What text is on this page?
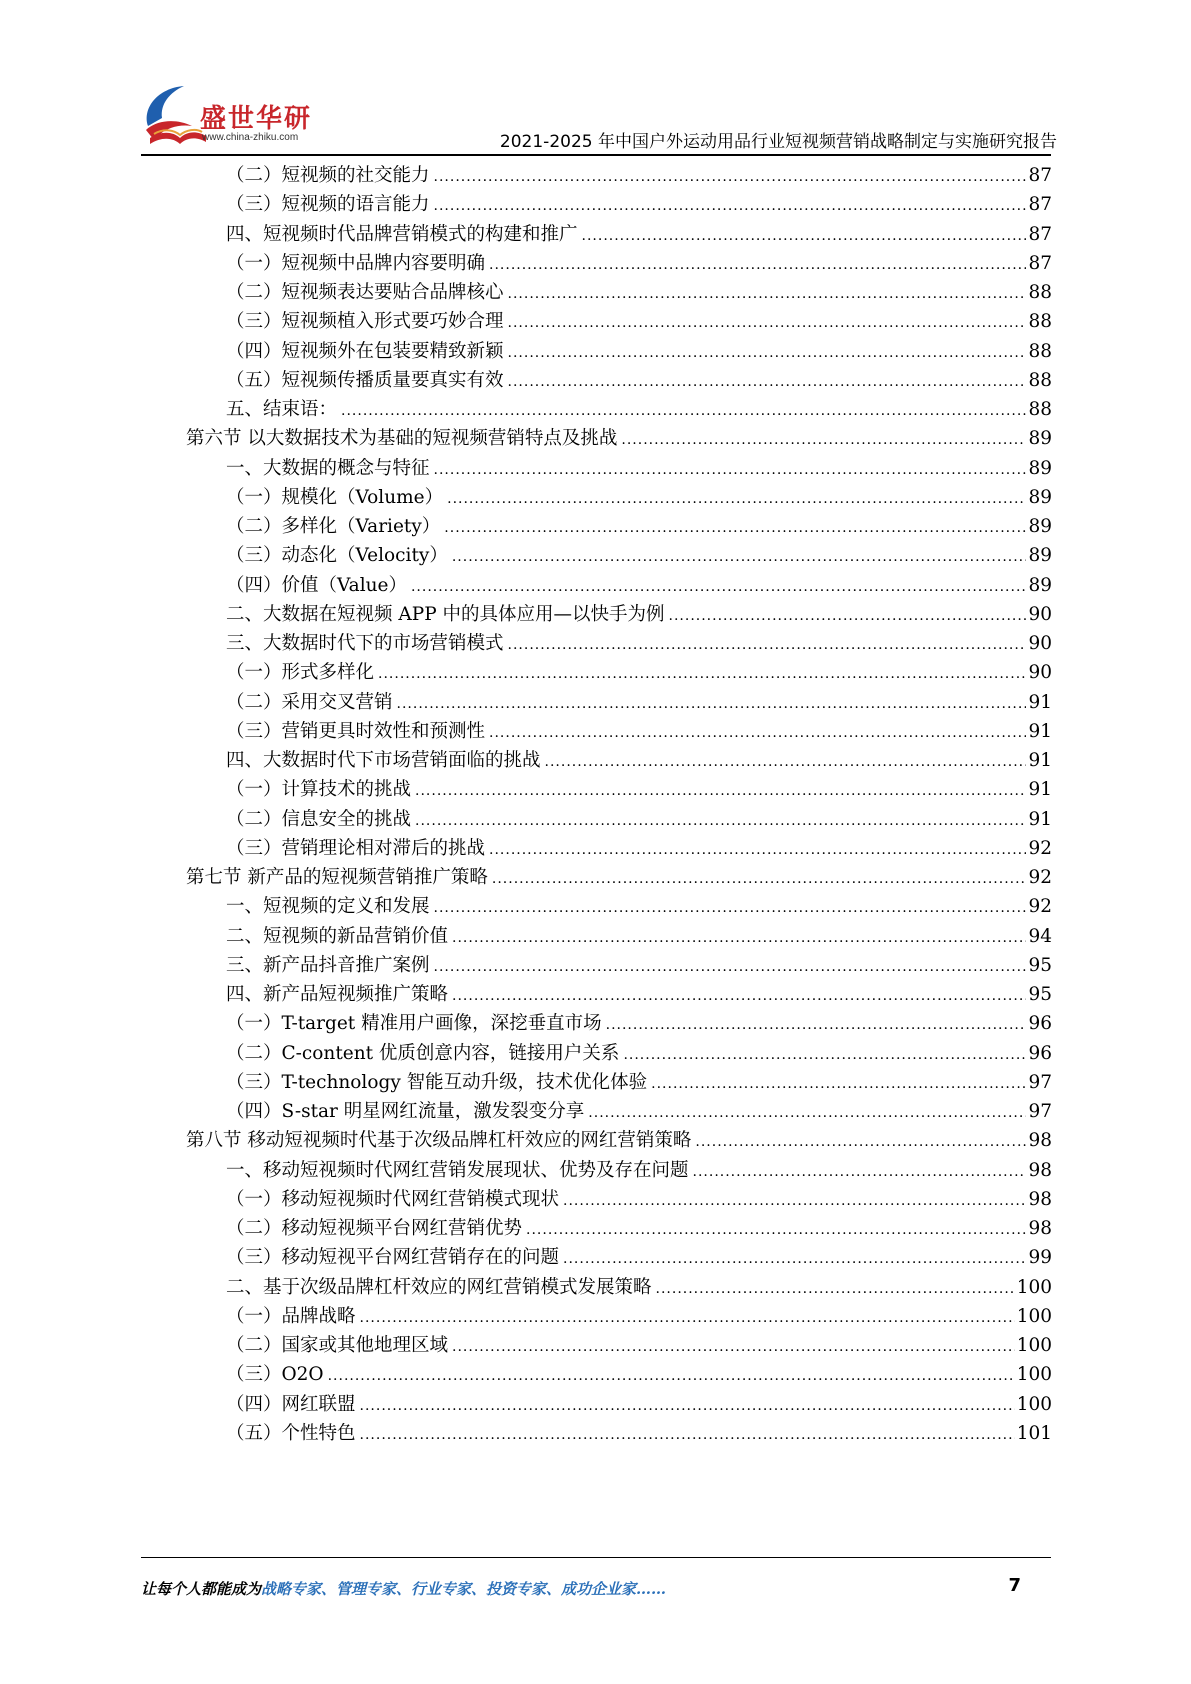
盛世华研
www.china-zhiku.com	2021-2025 年中国户外运动用品行业短视频营销战略制定与实施研究报告
（二）短视频的社交能力 .....	87
（三）短视频的语言能力 .....	87
四、短视频时代品牌营销模式的构建和推广 .....	87
（一）短视频中品牌内容要明确 .....	87
（二）短视频表达要贴合品牌核心 .....	88
（三）短视频植入形式要巧妙合理 .....	88
（四）短视频外在包装要精致新颖 .....	88
（五）短视频传播质量要真实有效 .....	88
五、结束语： .....	88
第六节 以大数据技术为基础的短视频营销特点及挑战 .....	89
一、大数据的概念与特征 .....	89
（一）规模化（Volume） .....	89
（二）多样化（Variety） .....	89
（三）动态化（Velocity） .....	89
（四）价值（Value） .....	89
二、大数据在短视频 APP 中的具体应用—以快手为例 .....	90
三、大数据时代下的市场营销模式 .....	90
（一）形式多样化 .....	90
（二）采用交叉营销 .....	91
（三）营销更具时效性和预测性 .....	91
四、大数据时代下市场营销面临的挑战 .....	91
（一）计算技术的挑战 .....	91
（二）信息安全的挑战 .....	91
（三）营销理论相对滞后的挑战 .....	92
第七节 新产品的短视频营销推广策略 .....	92
一、短视频的定义和发展 .....	92
二、短视频的新品营销价值 .....	94
三、新产品抖音推广案例 .....	95
四、新产品短视频推广策略 .....	95
（一）T-target 精准用户画像，深挖垂直市场 .....	96
（二）C-content 优质创意内容，链接用户关系 .....	96
（三）T-technology 智能互动升级，技术优化体验 .....	97
（四）S-star 明星网红流量，激发裂变分享 .....	97
第八节 移动短视频时代基于次级品牌杠杆效应的网红营销策略 .....	98
一、移动短视频时代网红营销发展现状、优势及存在问题 .....	98
（一）移动短视频时代网红营销模式现状 .....	98
（二）移动短视频平台网红营销优势 .....	98
（三）移动短视平台网红营销存在的问题 .....	99
二、基于次级品牌杠杆效应的网红营销模式发展策略 .....	100
（一）品牌战略 .....	100
（二）国家或其他地理区域 .....	100
（三）O2O .....	100
（四）网红联盟 .....	100
（五）个性特色 .....	101
让每个人都能成为战略专家、管理专家、行业专家、投资专家、成功企业家……	7
